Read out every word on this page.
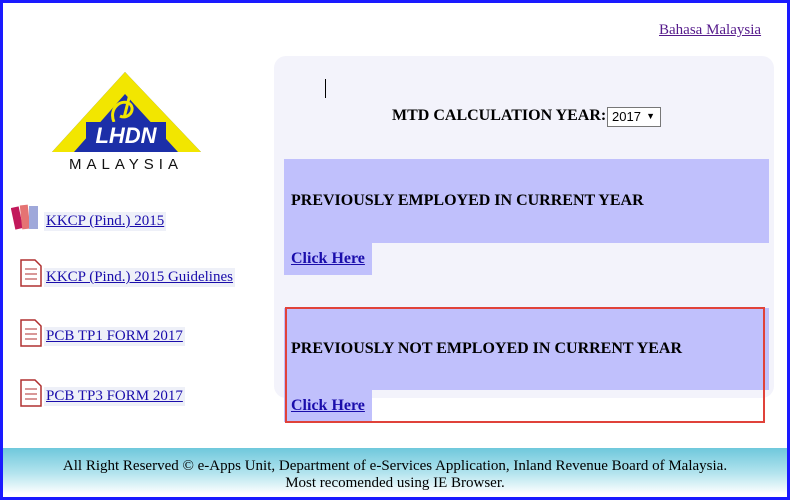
Bahasa Malaysia
LHDN
MALAYSIA
KKCP (Pind.) 2015
KKCP (Pind.) 2015 Guidelines
PCB TP1 FORM 2017
PCB TP3 FORM 2017
MTD CALCULATION YEAR: 2017 ▼
PREVIOUSLY EMPLOYED IN CURRENT YEAR
Click Here
PREVIOUSLY NOT EMPLOYED IN CURRENT YEAR
Click Here
All Right Reserved © e-Apps Unit, Department of e-Services Application, Inland Revenue Board of Malaysia.
Most recomended using IE Browser.
